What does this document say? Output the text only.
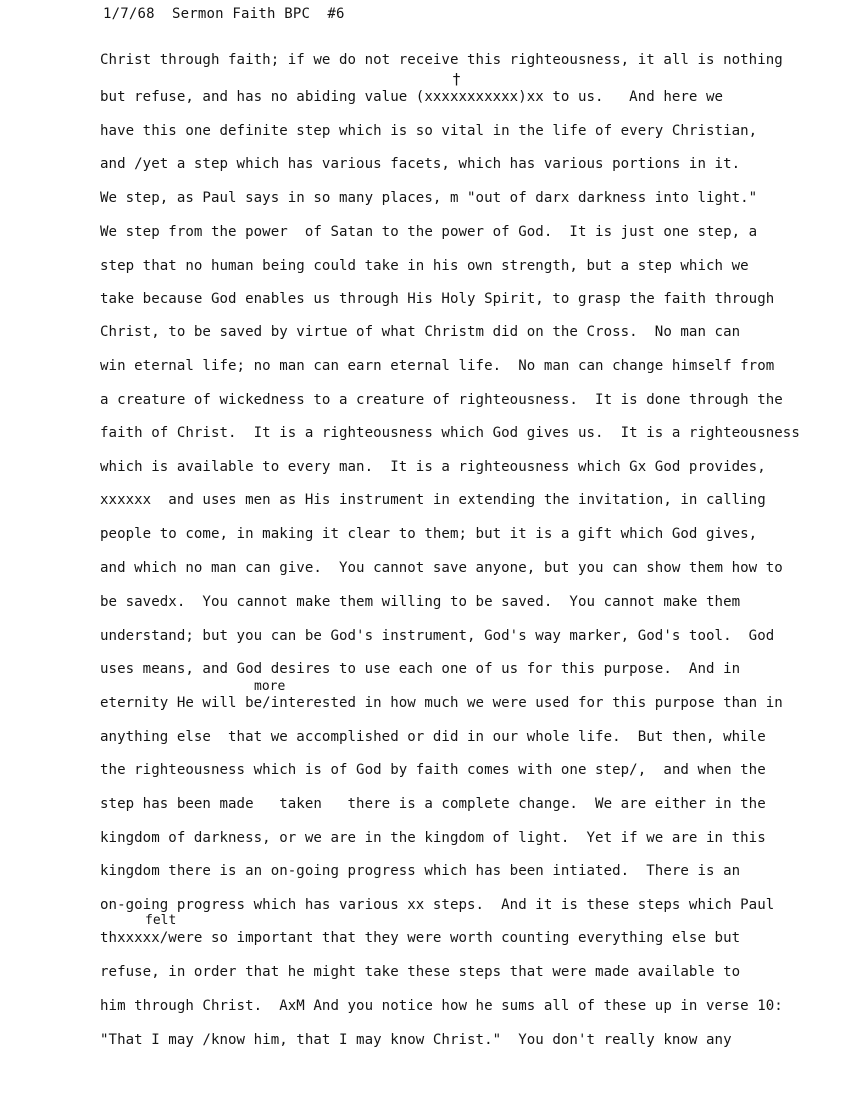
1/7/68  Sermon Faith BPC  #6
†
more
felt
Christ through faith; if we do not receive this righteousness, it all is nothing
but refuse, and has no abiding value (xxxxxxxxxxx)xx to us.   And here we
have this one definite step which is so vital in the life of every Christian,
and /yet a step which has various facets, which has various portions in it.
We step, as Paul says in so many places, m "out of darx darkness into light."
We step from the power  of Satan to the power of God.  It is just one step, a
step that no human being could take in his own strength, but a step which we
take because God enables us through His Holy Spirit, to grasp the faith through
Christ, to be saved by virtue of what Christm did on the Cross.  No man can
win eternal life; no man can earn eternal life.  No man can change himself from
a creature of wickedness to a creature of righteousness.  It is done through the
faith of Christ.  It is a righteousness which God gives us.  It is a righteousness
which is available to every man.  It is a righteousness which Gx God provides,
xxxxxx  and uses men as His instrument in extending the invitation, in calling
people to come, in making it clear to them; but it is a gift which God gives,
and which no man can give.  You cannot save anyone, but you can show them how to
be savedx.  You cannot make them willing to be saved.  You cannot make them
understand; but you can be God's instrument, God's way marker, God's tool.  God
uses means, and God desires to use each one of us for this purpose.  And in
eternity He will be/interested in how much we were used for this purpose than in
anything else  that we accomplished or did in our whole life.  But then, while
the righteousness which is of God by faith comes with one step/,  and when the
step has been made   taken   there is a complete change.  We are either in the
kingdom of darkness, or we are in the kingdom of light.  Yet if we are in this
kingdom there is an on-going progress which has been intiated.  There is an
on-going progress which has various xx steps.  And it is these steps which Paul
thxxxxx/were so important that they were worth counting everything else but
refuse, in order that he might take these steps that were made available to
him through Christ.  AxM And you notice how he sums all of these up in verse 10:
"That I may /know him, that I may know Christ."  You don't really know any
